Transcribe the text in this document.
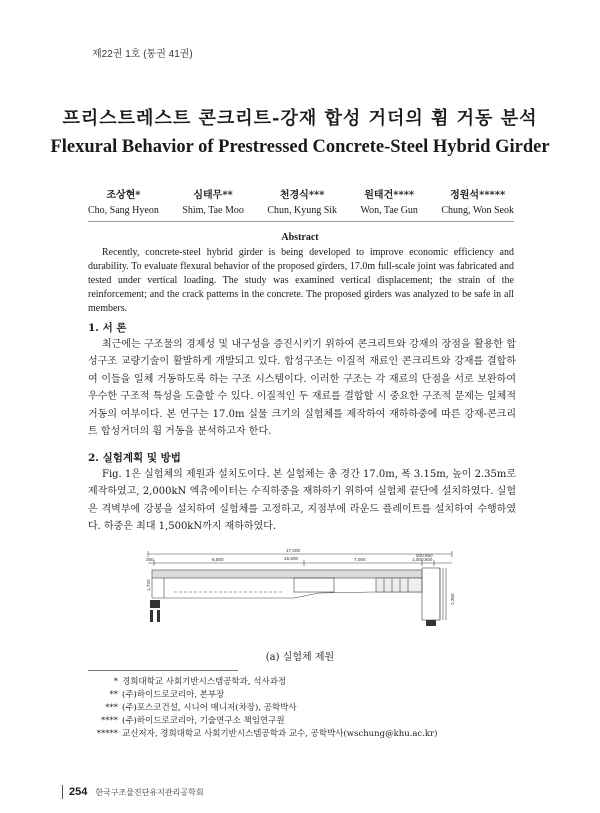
제22권 1호 (통권 41권)
프리스트레스트 콘크리트-강재 합성 거더의 휨 거동 분석
Flexural Behavior of Prestressed Concrete-Steel Hybrid Girder
조상현*
Cho, Sang Hyeon
심태무**
Shim, Tae Moo
천경식***
Chun, Kyung Sik
원태건****
Won, Tae Gun
정원석*****
Chung, Won Seok
Abstract
Recently, concrete-steel hybrid girder is being developed to improve economic efficiency and durability. To evaluate flexural behavior of the proposed girders, 17.0m full-scale joint was fabricated and tested under vertical loading. The study was examined vertical displacement; the strain of the reinforcement; and the crack patterns in the concrete. The proposed girders was analyzed to be safe in all members.
1. 서 론
최근에는 구조물의 경제성 및 내구성을 증진시키기 위하여 콘크리트와 강재의 장점을 활용한 합성구조 교량기술이 활발하게 개발되고 있다. 합성구조는 이질적 재료인 콘크리트와 강재를 결합하여 이들을 일체 거동하도록 하는 구조 시스템이다. 이러한 구조는 각 재료의 단점을 서로 보완하여 우수한 구조적 특성을 도출할 수 있다. 이질적인 두 재료를 결합할 시 중요한 구조적 문제는 일체적 거동의 여부이다. 본 연구는 17.0m 실물 크기의 실험체를 제작하여 재하하중에 따른 강재-콘크리트 합성거더의 휨 거동을 분석하고자 한다.
2. 실험계획 및 방법
Fig. 1은 실험체의 제원과 설치도이다. 본 실험체는 총 경간 17.0m, 폭 3.15m, 높이 2.35m로 제작하였고, 2,000kN 엑츄에이터는 수직하중을 재하하기 위하여 실험체 끝단에 설치하였다. 실험은 격벽부에 강봉을 설치하여 실험체를 고정하고, 지점부에 라운드 플레이트를 설치하여 수행하였다. 하중은 최대 1,500kN까지 재하하였다.
17,000
250	8,500	15,500	7,000
500,650
1,000,600
1,720
2,350
(a) 실험체 제원
* 경희대학교 사회기반시스템공학과, 석사과정
** (주)하이드로코리아, 본부장
*** (주)포스코건설, 시니어 매니저(차장), 공학박사
**** (주)하이드로코리아, 기술연구소 책임연구원
***** 교신저자, 경희대학교 사회기반시스템공학과 교수, 공학박사(wschung@khu.ac.kr)
254 한국구조물진단유지관리공학회
